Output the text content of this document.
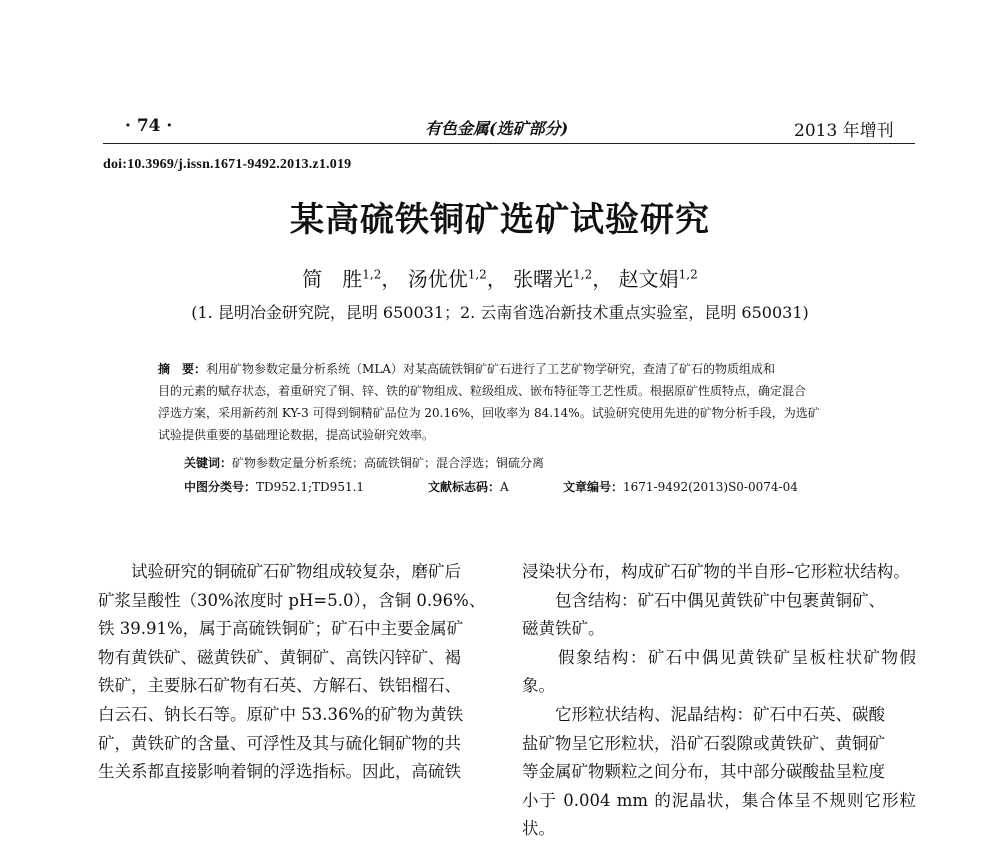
· 74 ·	有色金属(选矿部分)	2013 年增刊
doi:10.3969/j.issn.1671-9492.2013.z1.019
某高硫铁铜矿选矿试验研究
简　胜$^{1,2}$， 汤优优$^{1,2}$， 张曙光$^{1,2}$， 赵文娟$^{1,2}$
(1. 昆明冶金研究院，昆明 650031；2. 云南省选冶新技术重点实验室，昆明 650031)

摘　要：利用矿物参数定量分析系统（MLA）对某高硫铁铜矿矿石进行了工艺矿物学研究，查清了矿石的物质组成和

目的元素的赋存状态，着重研究了铜、锌、铁的矿物组成、粒级组成、嵌布特征等工艺性质。根据原矿性质特点，确定混合

浮选方案，采用新药剂 KY-3 可得到铜精矿品位为 20.16%，回收率为 84.14%。试验研究使用先进的矿物分析手段，为选矿

试验提供重要的基础理论数据，提高试验研究效率。

关键词：矿物参数定量分析系统；高硫铁铜矿；混合浮选；铜硫分离
中图分类号：TD952.1;TD951.1	文献标志码：A	文章编号：1671-9492(2013)S0-0074-04

　　试验研究的铜硫矿石矿物组成较复杂，磨矿后

矿浆呈酸性（30%浓度时 pH=5.0），含铜 0.96%、

铁 39.91%，属于高硫铁铜矿；矿石中主要金属矿

物有黄铁矿、磁黄铁矿、黄铜矿、高铁闪锌矿、褐

铁矿，主要脉石矿物有石英、方解石、铁铝榴石、

白云石、钠长石等。原矿中 53.36%的矿物为黄铁

矿，黄铁矿的含量、可浮性及其与硫化铜矿物的共

生关系都直接影响着铜的浮选指标。因此，高硫铁

浸染状分布，构成矿石矿物的半自形–它形粒状结构。

　　包含结构：矿石中偶见黄铁矿中包裹黄铜矿、

磁黄铁矿。

　　假象结构：矿石中偶见黄铁矿呈板柱状矿物假象。

　　它形粒状结构、泥晶结构：矿石中石英、碳酸

盐矿物呈它形粒状，沿矿石裂隙或黄铁矿、黄铜矿

等金属矿物颗粒之间分布，其中部分碳酸盐呈粒度

小于 0.004 mm 的泥晶状，集合体呈不规则它形粒状。
